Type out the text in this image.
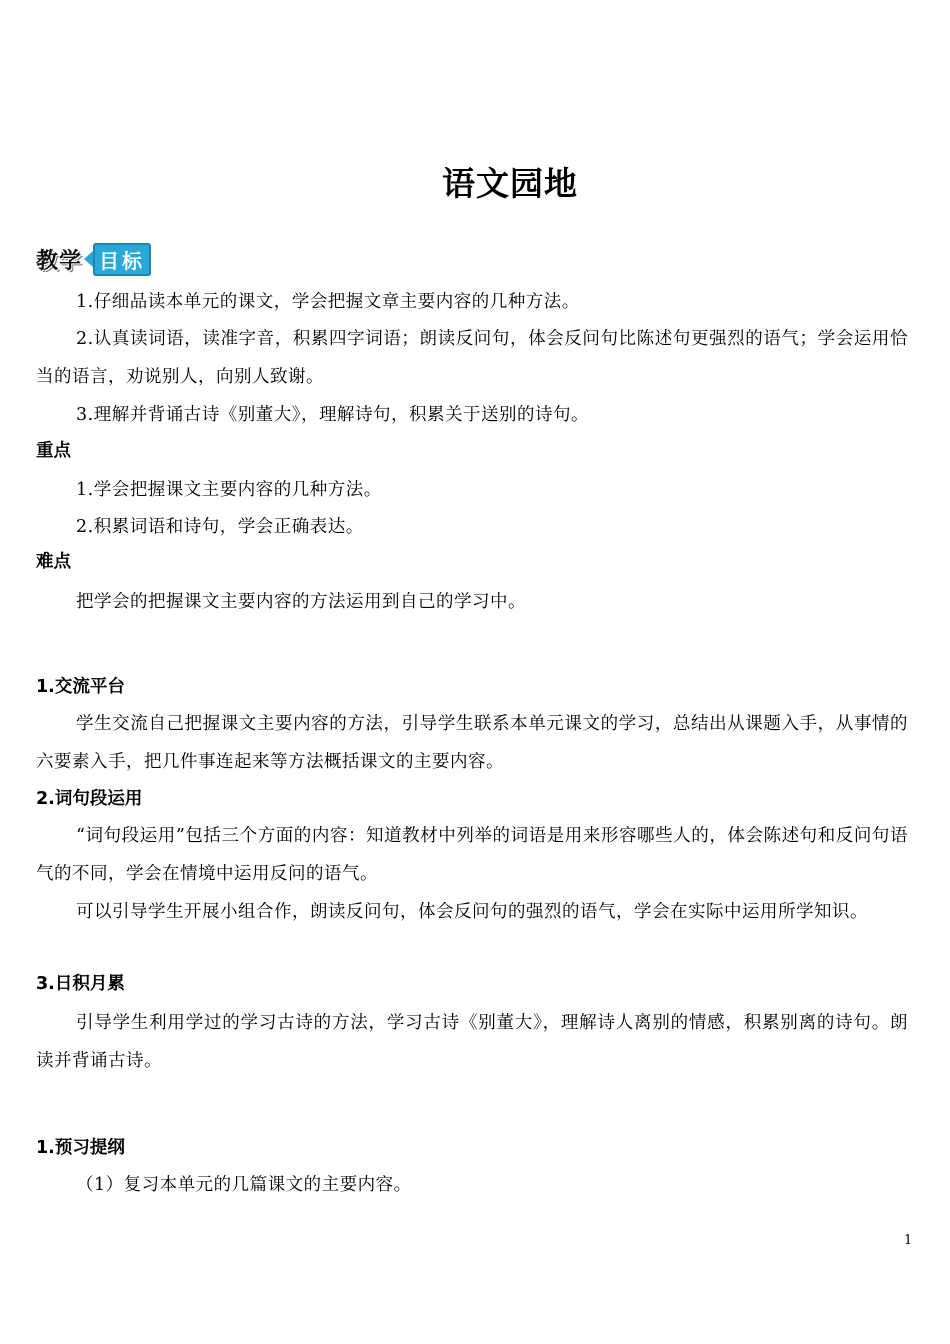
语文园地
教学 目标
1.仔细品读本单元的课文，学会把握文章主要内容的几种方法。
2.认真读词语，读准字音，积累四字词语；朗读反问句，体会反问句比陈述句更强烈的语气；学会运用恰当的语言，劝说别人，向别人致谢。
3.理解并背诵古诗《别董大》，理解诗句，积累关于送别的诗句。
重点
1.学会把握课文主要内容的几种方法。
2.积累词语和诗句，学会正确表达。
难点
把学会的把握课文主要内容的方法运用到自己的学习中。
1.交流平台
学生交流自己把握课文主要内容的方法，引导学生联系本单元课文的学习，总结出从课题入手，从事情的六要素入手，把几件事连起来等方法概括课文的主要内容。
2.词句段运用
“词句段运用”包括三个方面的内容：知道教材中列举的词语是用来形容哪些人的，体会陈述句和反问句语气的不同，学会在情境中运用反问的语气。
可以引导学生开展小组合作，朗读反问句，体会反问句的强烈的语气，学会在实际中运用所学知识。
3.日积月累
引导学生利用学过的学习古诗的方法，学习古诗《别董大》，理解诗人离别的情感，积累别离的诗句。朗读并背诵古诗。
1.预习提纲
（1）复习本单元的几篇课文的主要内容。
1
